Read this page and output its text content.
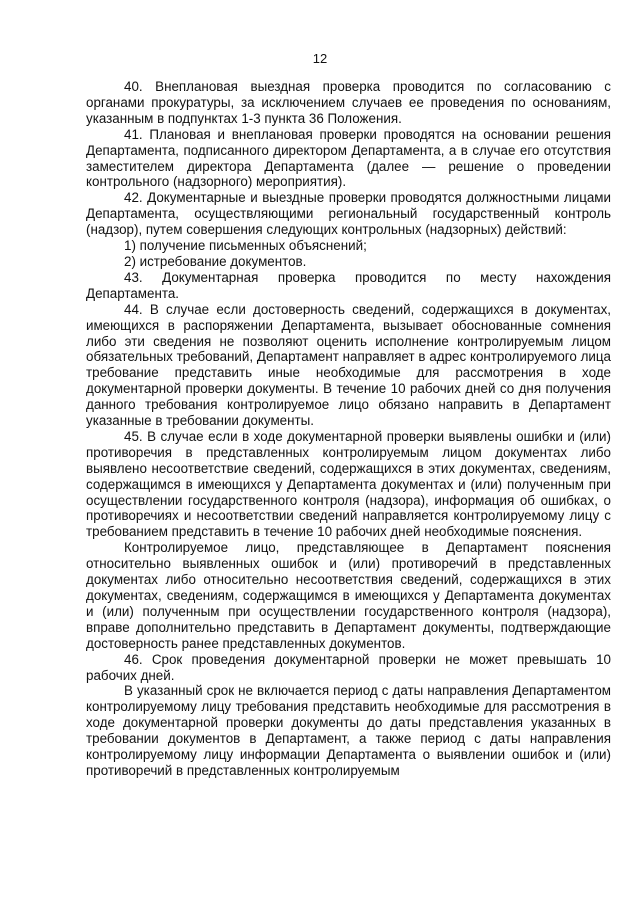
12

40. Внеплановая выездная проверка проводится по согласованию с органами прокуратуры, за исключением случаев ее проведения по основаниям, указанным в подпунктах 1-3 пункта 36 Положения.

41. Плановая и внеплановая проверки проводятся на основании решения Департамента, подписанного директором Департамента, а в случае его отсутствия заместителем директора Департамента (далее — решение о проведении контрольного (надзорного) мероприятия).

42. Документарные и выездные проверки проводятся должностными лицами Департамента, осуществляющими региональный государственный контроль (надзор), путем совершения следующих контрольных (надзорных) действий:

1) получение письменных объяснений;

2) истребование документов.

43. Документарная проверка проводится по месту нахождения Департамента.

44. В случае если достоверность сведений, содержащихся в документах, имеющихся в распоряжении Департамента, вызывает обоснованные сомнения либо эти сведения не позволяют оценить исполнение контролируемым лицом обязательных требований, Департамент направляет в адрес контролируемого лица требование представить иные необходимые для рассмотрения в ходе документарной проверки документы. В течение 10 рабочих дней со дня получения данного требования контролируемое лицо обязано направить в Департамент указанные в требовании документы.

45. В случае если в ходе документарной проверки выявлены ошибки и (или) противоречия в представленных контролируемым лицом документах либо выявлено несоответствие сведений, содержащихся в этих документах, сведениям, содержащимся в имеющихся у Департамента документах и (или) полученным при осуществлении государственного контроля (надзора), информация об ошибках, о противоречиях и несоответствии сведений направляется контролируемому лицу с требованием представить в течение 10 рабочих дней необходимые пояснения.

Контролируемое лицо, представляющее в Департамент пояснения относительно выявленных ошибок и (или) противоречий в представленных документах либо относительно несоответствия сведений, содержащихся в этих документах, сведениям, содержащимся в имеющихся у Департамента документах и (или) полученным при осуществлении государственного контроля (надзора), вправе дополнительно представить в Департамент документы, подтверждающие достоверность ранее представленных документов.

46. Срок проведения документарной проверки не может превышать 10 рабочих дней.

В указанный срок не включается период с даты направления Департаментом контролируемому лицу требования представить необходимые для рассмотрения в ходе документарной проверки документы до даты представления указанных в требовании документов в Департамент, а также период с даты направления контролируемому лицу информации Департамента о выявлении ошибок и (или) противоречий в представленных контролируемым
